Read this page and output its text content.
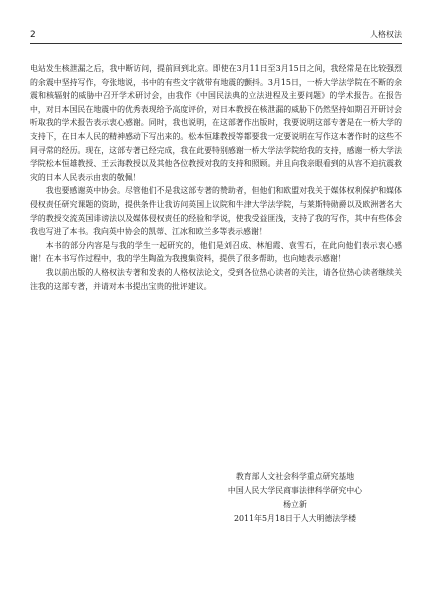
2	人格权法

电站发生核泄漏之后，我中断访问，提前回到北京。即使在3月11日至3月15日之间，我经常是在比较强烈的余震中坚持写作，夸张地说，书中的有些文字就带有地震的颤抖。3月15日，一桥大学法学院在不断的余震和核辐射的威胁中召开学术研讨会，由我作《中国民法典的立法进程及主要问题》的学术报告。在报告中，对日本国民在地震中的优秀表现给予高度评价，对日本教授在核泄漏的威胁下仍然坚持如期召开研讨会听取我的学术报告表示衷心感谢。同时，我也说明，在这部著作出版时，我要说明这部专著是在一桥大学的支持下，在日本人民的精神感动下写出来的。松本恒雄教授等都要我一定要说明在写作这本著作时的这些不同寻常的经历。现在，这部专著已经完成，我在此要特别感谢一桥大学法学院给我的支持，感谢一桥大学法学院松本恒雄教授、王云海教授以及其他各位教授对我的支持和照顾。并且向我亲眼看到的从容不迫抗震救灾的日本人民表示由衷的敬佩！

我也要感谢英中协会。尽管他们不是我这部专著的赞助者，但他们和欧盟对我关于媒体权利保护和媒体侵权责任研究课题的资助，提供条件让我访问英国上议院和牛津大学法学院，与莱斯特勋爵以及欧洲著名大学的教授交流英国诽谤法以及媒体侵权责任的经验和学说，使我受益匪浅，支持了我的写作，其中有些体会我也写进了本书。我向英中协会的凯蒂、江冰和欧兰多等表示感谢！

本书的部分内容是与我的学生一起研究的，他们是刘召成、林旭霞、袁雪石，在此向他们表示衷心感谢！在本书写作过程中，我的学生陶盈为我搜集资料，提供了很多帮助，也向她表示感谢！

我以前出版的人格权法专著和发表的人格权法论文，受到各位热心读者的关注，请各位热心读者继续关注我的这部专著，并请对本书提出宝贵的批评建议。

教育部人文社会科学重点研究基地
中国人民大学民商事法律科学研究中心
杨立新
2011年5月18日于人大明德法学楼
